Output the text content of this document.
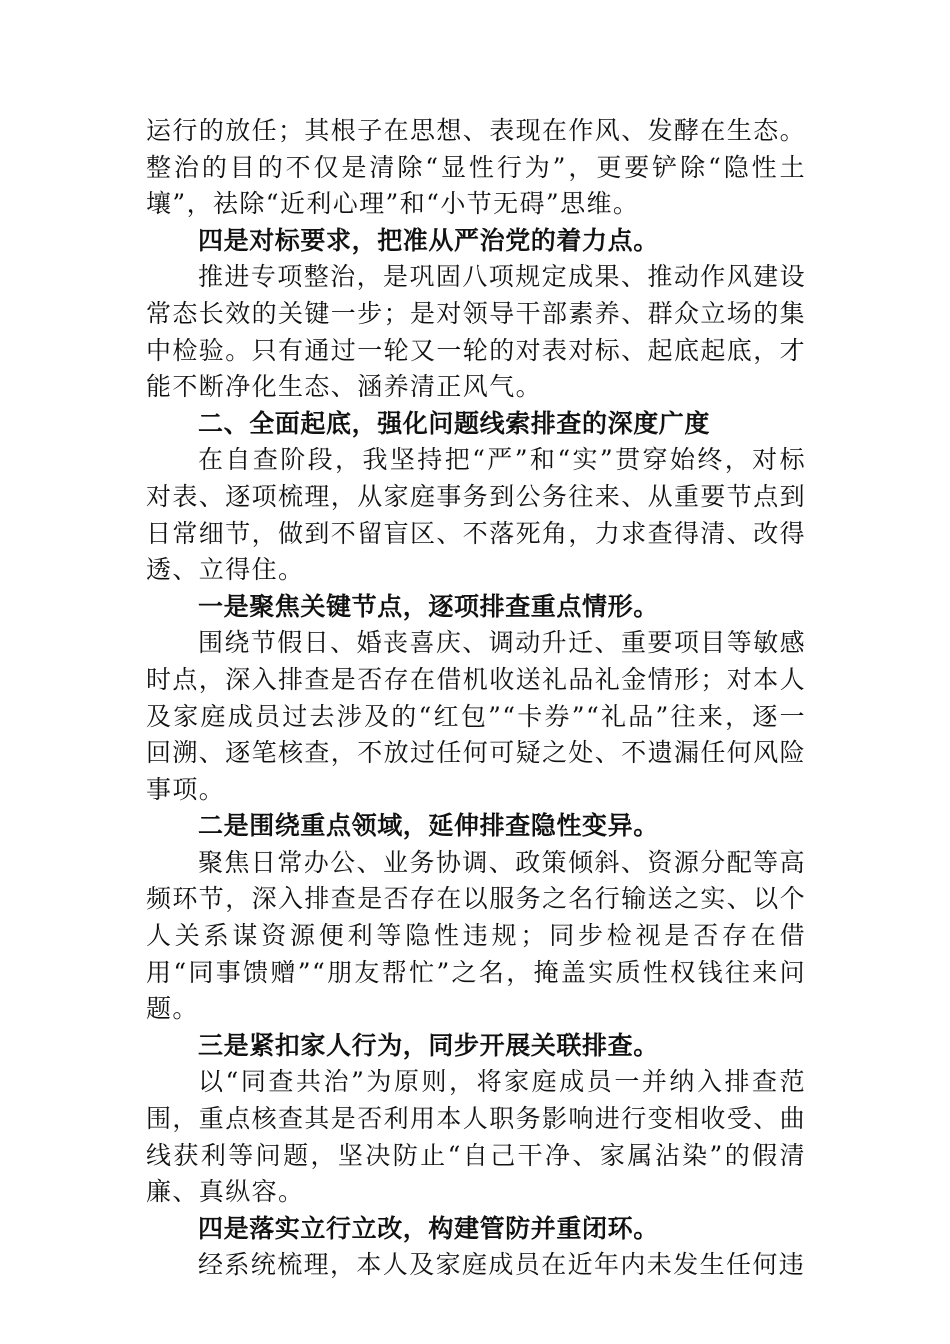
运行的放任；其根子在思想、表现在作风、发酵在生态。整治的目的不仅是清除“显性行为”，更要铲除“隐性土壤”，祛除“近利心理”和“小节无碍”思维。

四是对标要求，把准从严治党的着力点。

推进专项整治，是巩固八项规定成果、推动作风建设常态长效的关键一步；是对领导干部素养、群众立场的集中检验。只有通过一轮又一轮的对表对标、起底起底，才能不断净化生态、涵养清正风气。

二、全面起底，强化问题线索排查的深度广度

在自查阶段，我坚持把“严”和“实”贯穿始终，对标对表、逐项梳理，从家庭事务到公务往来、从重要节点到日常细节，做到不留盲区、不落死角，力求查得清、改得透、立得住。

一是聚焦关键节点，逐项排查重点情形。

围绕节假日、婚丧喜庆、调动升迁、重要项目等敏感时点，深入排查是否存在借机收送礼品礼金情形；对本人及家庭成员过去涉及的“红包”“卡券”“礼品”往来，逐一回溯、逐笔核查，不放过任何可疑之处、不遗漏任何风险事项。

二是围绕重点领域，延伸排查隐性变异。

聚焦日常办公、业务协调、政策倾斜、资源分配等高频环节，深入排查是否存在以服务之名行输送之实、以个人关系谋资源便利等隐性违规；同步检视是否存在借用“同事馈赠”“朋友帮忙”之名，掩盖实质性权钱往来问题。

三是紧扣家人行为，同步开展关联排查。

以“同查共治”为原则，将家庭成员一并纳入排查范围，重点核查其是否利用本人职务影响进行变相收受、曲线获利等问题，坚决防止“自己干净、家属沾染”的假清廉、真纵容。

四是落实立行立改，构建管防并重闭环。

经系统梳理，本人及家庭成员在近年内未发生任何违
